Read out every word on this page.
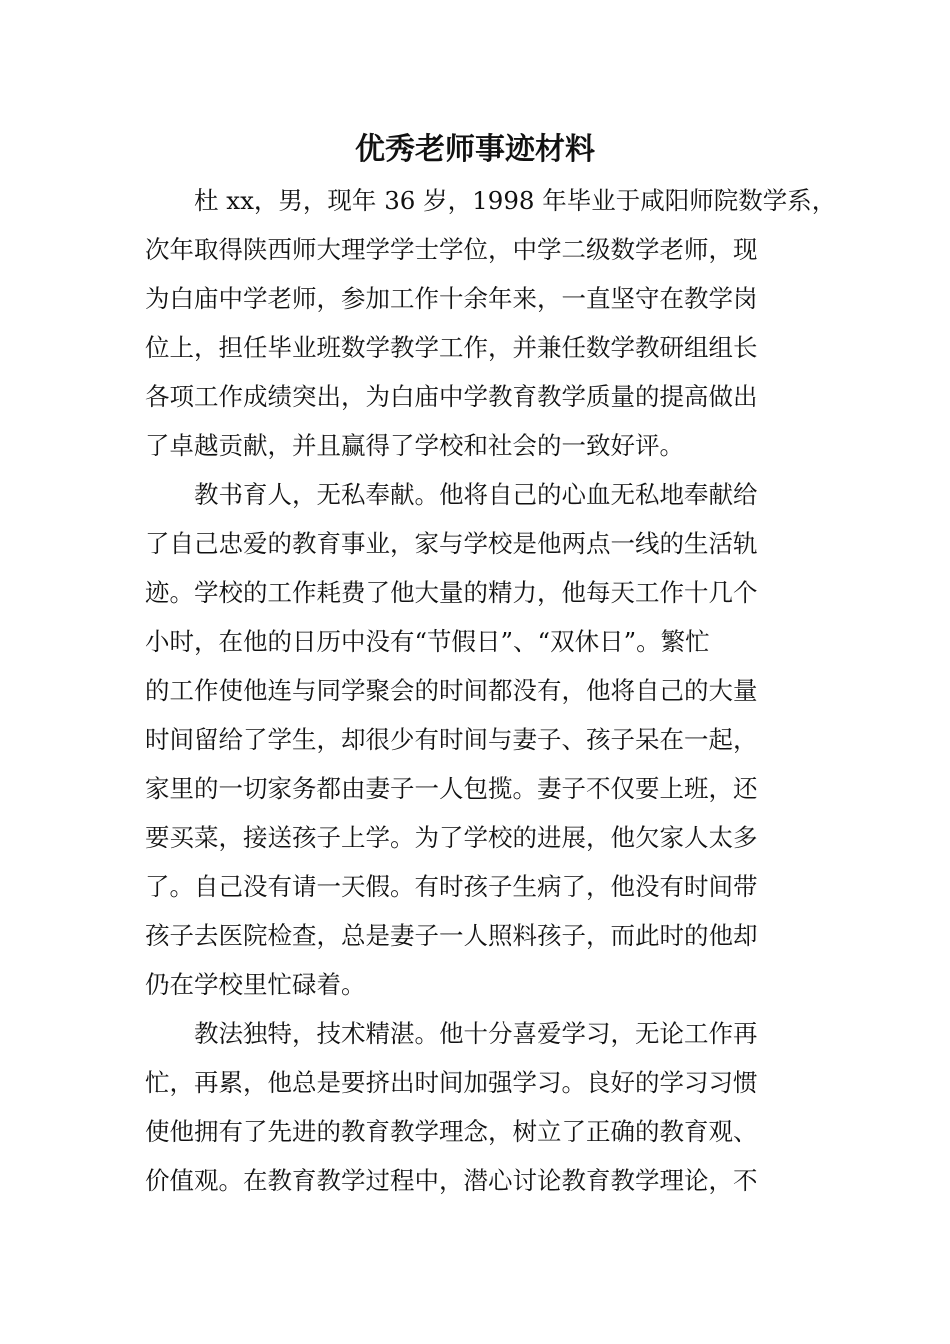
优秀老师事迹材料
杜 xx，男，现年 36 岁，1998 年毕业于咸阳师院数学系，
次年取得陕西师大理学学士学位，中学二级数学老师，现
为白庙中学老师，参加工作十余年来，一直坚守在教学岗
位上，担任毕业班数学教学工作，并兼任数学教研组组长
各项工作成绩突出，为白庙中学教育教学质量的提高做出
了卓越贡献，并且赢得了学校和社会的一致好评。
教书育人，无私奉献。他将自己的心血无私地奉献给
了自己忠爱的教育事业，家与学校是他两点一线的生活轨
迹。学校的工作耗费了他大量的精力，他每天工作十几个
小时，在他的日历中没有“节假日”、“双休日”。繁忙
的工作使他连与同学聚会的时间都没有，他将自己的大量
时间留给了学生，却很少有时间与妻子、孩子呆在一起，
家里的一切家务都由妻子一人包揽。妻子不仅要上班，还
要买菜，接送孩子上学。为了学校的进展，他欠家人太多
了。自己没有请一天假。有时孩子生病了，他没有时间带
孩子去医院检查，总是妻子一人照料孩子，而此时的他却
仍在学校里忙碌着。
教法独特，技术精湛。他十分喜爱学习，无论工作再
忙，再累，他总是要挤出时间加强学习。良好的学习习惯
使他拥有了先进的教育教学理念，树立了正确的教育观、
价值观。在教育教学过程中，潜心讨论教育教学理论，不
